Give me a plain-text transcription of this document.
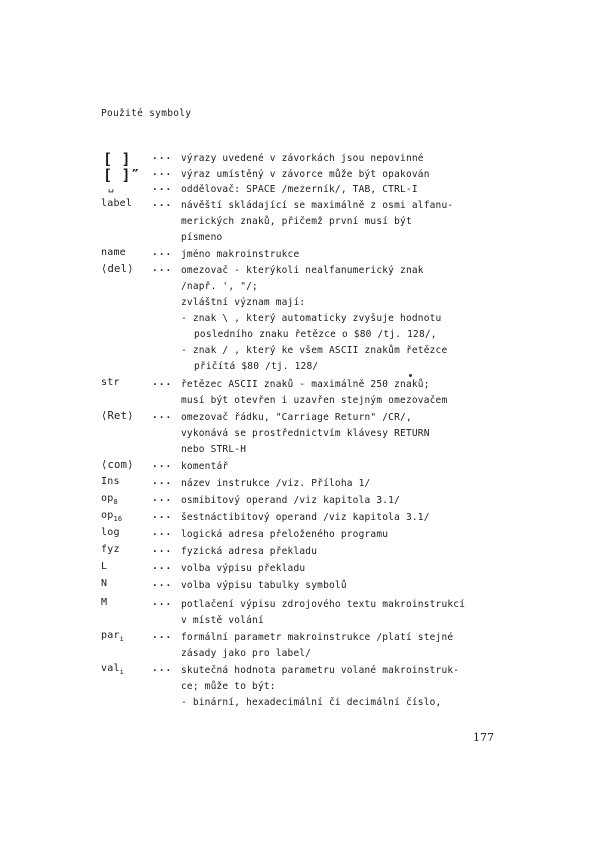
Použité symboly
[ ]	... výrazy uvedené v závorkách jsou nepovinné
[ ]″	... výraz umístěný v závorce může být opakován
␣	... oddělovač: SPACE /mezerník/, TAB, CTRL-I
label	... návěští skládající se maximálně z osmi alfanu-
merických znaků, přičemž první musí být
písmeno
name	... jméno makroinstrukce
⟨del⟩	... omezovač - kterýkoli nealfanumerický znak
/např. ', "/;
zvláštní význam mají:
- znak \ , který automaticky zvyšuje hodnotu
posledního znaku řetězce o $80 /tj. 128/,
- znak / , který ke všem ASCII znakům řetězce
přičítá $80 /tj. 128/
str	... řetězec ASCII znaků - maximálně 250 znaků;
musí být otevřen i uzavřen stejným omezovačem
⟨Ret⟩	... omezovač řádku, "Carriage Return" /CR/,
vykonává se prostřednictvím klávesy RETURN
nebo STRL-H
⟨com⟩	... komentář
Ins	... název instrukce /viz. Příloha 1/
$op_8$	... osmibitový operand /viz kapitola 3.1/
$op_{16}$	... šestnáctibitový operand /viz kapitola 3.1/
log	... logická adresa přeloženého programu
fyz	... fyzická adresa překladu
L	... volba výpisu překladu
N	... volba výpisu tabulky symbolů
M	... potlačení výpisu zdrojového textu makroinstrukcí
v místě volání
par$_i$	... formální parametr makroinstrukce /platí stejné
zásady jako pro label/
val$_i$	... skutečná hodnota parametru volané makroinstruk-
ce; může to být:
- binární, hexadecimální či decimální číslo,
177
